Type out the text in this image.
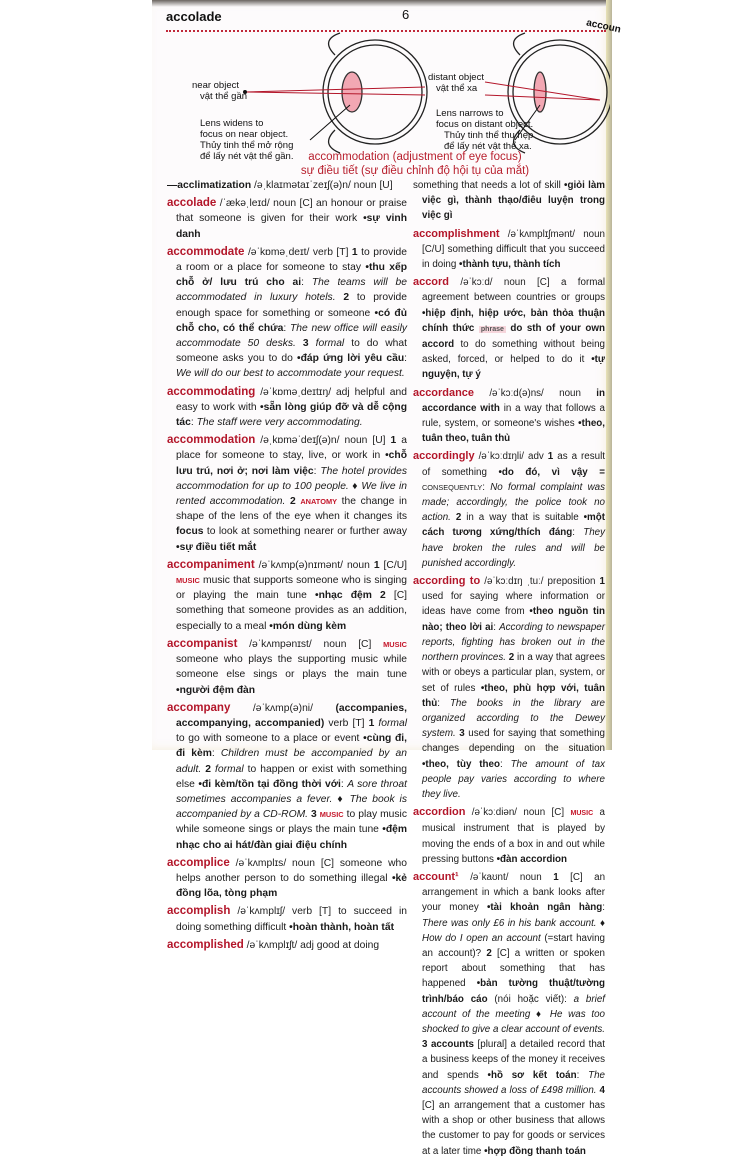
accolade	6
accoun
near object
vật thể gần
Lens widens to
focus on near object.
Thủy tinh thể mở rộng
để lấy nét vật thể gần.
distant object
vật thể xa
Lens narrows to
focus on distant object.
Thủy tinh thể thu hẹp
để lấy nét vật thể xa.
accommodation (adjustment of eye focus)
sự điều tiết (sự điều chỉnh độ hội tụ của mắt)
—acclimatization /əˌklaɪmətaɪˈzeɪʃ(ə)n/ noun [U]
accolade /ˈækəˌleɪd/ noun [C] an honour or praise that someone is given for their work •sự vinh danh
accommodate /əˈkɒməˌdeɪt/ verb [T] 1 to provide a room or a place for someone to stay •thu xếp chỗ ở/ lưu trú cho ai: The teams will be accommodated in luxury hotels. 2 to provide enough space for something or someone •có đủ chỗ cho, có thể chứa: The new office will easily accommodate 50 desks. 3 formal to do what someone asks you to do •đáp ứng lời yêu cầu: We will do our best to accommodate your request.
accommodating /əˈkɒməˌdeɪtɪŋ/ adj helpful and easy to work with •sẵn lòng giúp đỡ và dễ cộng tác: The staff were very accommodating.
accommodation /əˌkɒməˈdeɪʃ(ə)n/ noun [U] 1 a place for someone to stay, live, or work in •chỗ lưu trú, nơi ở; nơi làm việc: The hotel provides accommodation for up to 100 people. ♦ We live in rented accommodation. 2 ANATOMY the change in shape of the lens of the eye when it changes its focus to look at something nearer or further away •sự điều tiết mắt
accompaniment /əˈkʌmp(ə)nɪmənt/ noun 1 [C/U] MUSIC music that supports someone who is singing or playing the main tune •nhạc đệm 2 [C] something that someone provides as an addition, especially to a meal •món dùng kèm
accompanist /əˈkʌmpənɪst/ noun [C] MUSIC someone who plays the supporting music while someone else sings or plays the main tune •người đệm đàn
accompany /əˈkʌmp(ə)ni/ (accompanies, accompanying, accompanied) verb [T] 1 formal to go with someone to a place or event •cùng đi, đi kèm: Children must be accompanied by an adult. 2 formal to happen or exist with something else •đi kèm/tồn tại đồng thời với: A sore throat sometimes accompanies a fever. ♦ The book is accompanied by a CD-ROM. 3 MUSIC to play music while someone sings or plays the main tune •đệm nhạc cho ai hát/đàn giai điệu chính
accomplice /əˈkʌmplɪs/ noun [C] someone who helps another person to do something illegal •kẻ đồng lõa, tòng phạm
accomplish /əˈkʌmplɪʃ/ verb [T] to succeed in doing something difficult •hoàn thành, hoàn tất
accomplished /əˈkʌmplɪʃt/ adj good at doing
something that needs a lot of skill •giỏi làm việc gì, thành thạo/điêu luyện trong việc gì
accomplishment /əˈkʌmplɪʃmənt/ noun [C/U] something difficult that you succeed in doing •thành tựu, thành tích
accord /əˈkɔːd/ noun [C] a formal agreement between countries or groups •hiệp định, hiệp ước, bản thỏa thuận chính thức phrase do sth of your own accord to do something without being asked, forced, or helped to do it •tự nguyện, tự ý
accordance /əˈkɔːd(ə)ns/ noun in accordance with in a way that follows a rule, system, or someone's wishes •theo, tuân theo, tuân thủ
accordingly /əˈkɔːdɪŋli/ adv 1 as a result of something •do đó, vì vậy = CONSEQUENTLY: No formal complaint was made; accordingly, the police took no action. 2 in a way that is suitable •một cách tương xứng/thích đáng: They have broken the rules and will be punished accordingly.
according to /əˈkɔːdɪŋ ˌtuː/ preposition 1 used for saying where information or ideas have come from •theo nguồn tin nào; theo lời ai: According to newspaper reports, fighting has broken out in the northern provinces. 2 in a way that agrees with or obeys a particular plan, system, or set of rules •theo, phù hợp với, tuân thủ: The books in the library are organized according to the Dewey system. 3 used for saying that something changes depending on the situation •theo, tùy theo: The amount of tax people pay varies according to where they live.
accordion /əˈkɔːdiən/ noun [C] MUSIC a musical instrument that is played by moving the ends of a box in and out while pressing buttons •đàn accordion
account¹ /əˈkaʊnt/ noun 1 [C] an arrangement in which a bank looks after your money •tài khoản ngân hàng: There was only £6 in his bank account. ♦ How do I open an account (=start having an account)? 2 [C] a written or spoken report about something that has happened •bản tường thuật/tường trình/báo cáo (nói hoặc viết): a brief account of the meeting ♦ He was too shocked to give a clear account of events. 3 accounts [plural] a detailed record that a business keeps of the money it receives and spends •hồ sơ kết toán: The accounts showed a loss of £498 million. 4 [C] an arrangement that a customer has with a shop or other business that allows the customer to pay for goods or services at a later time •hợp đồng thanh toán
